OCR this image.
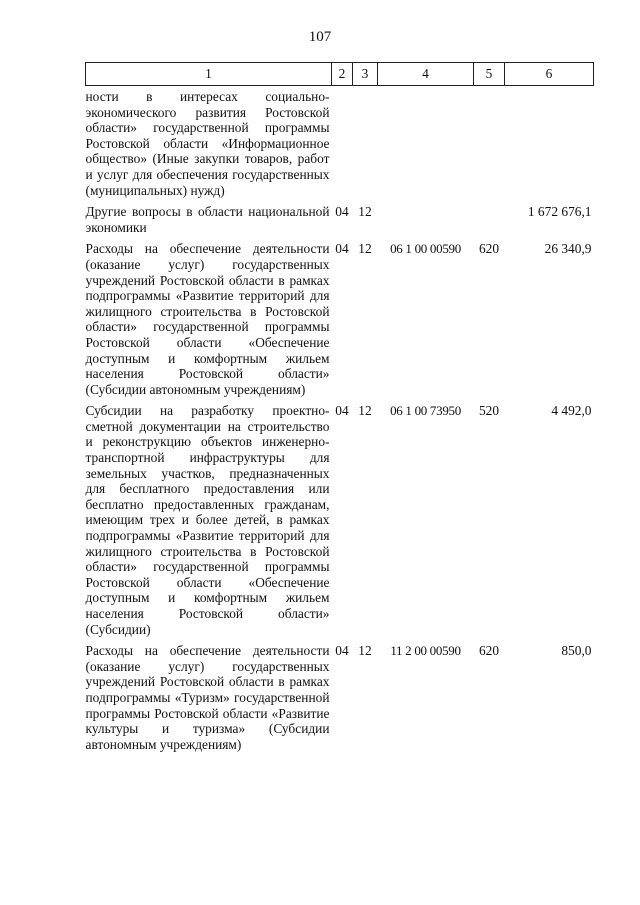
107
1	2	3	4	5	6
ности в интересах социально-экономического развития Ростовской области» государственной программы Ростовской области «Информационное общество» (Иные закупки товаров, работ и услуг для обеспечения государственных (муниципальных) нужд)					
Другие вопросы в области национальной экономики	04	12			1 672 676,1
Расходы на обеспечение деятельности (оказание услуг) государственных учреждений Ростовской области в рамках подпрограммы «Развитие территорий для жилищного строительства в Ростовской области» государственной программы Ростовской области «Обеспечение доступным и комфортным жильем населения Ростовской области» (Субсидии автономным учреждениям)	04	12	06 1 00 00590	620	26 340,9
Субсидии на разработку проектно-сметной документации на строительство и реконструкцию объектов инженерно-транспортной инфраструктуры для земельных участков, предназначенных для бесплатного предоставления или бесплатно предоставленных гражданам, имеющим трех и более детей, в рамках подпрограммы «Развитие территорий для жилищного строительства в Ростовской области» государственной программы Ростовской области «Обеспечение доступным и комфортным жильем населения Ростовской области» (Субсидии)	04	12	06 1 00 73950	520	4 492,0
Расходы на обеспечение деятельности (оказание услуг) государственных учреждений Ростовской области в рамках подпрограммы «Туризм» государственной программы Ростовской области «Развитие культуры и туризма» (Субсидии автономным учреждениям)	04	12	11 2 00 00590	620	850,0
